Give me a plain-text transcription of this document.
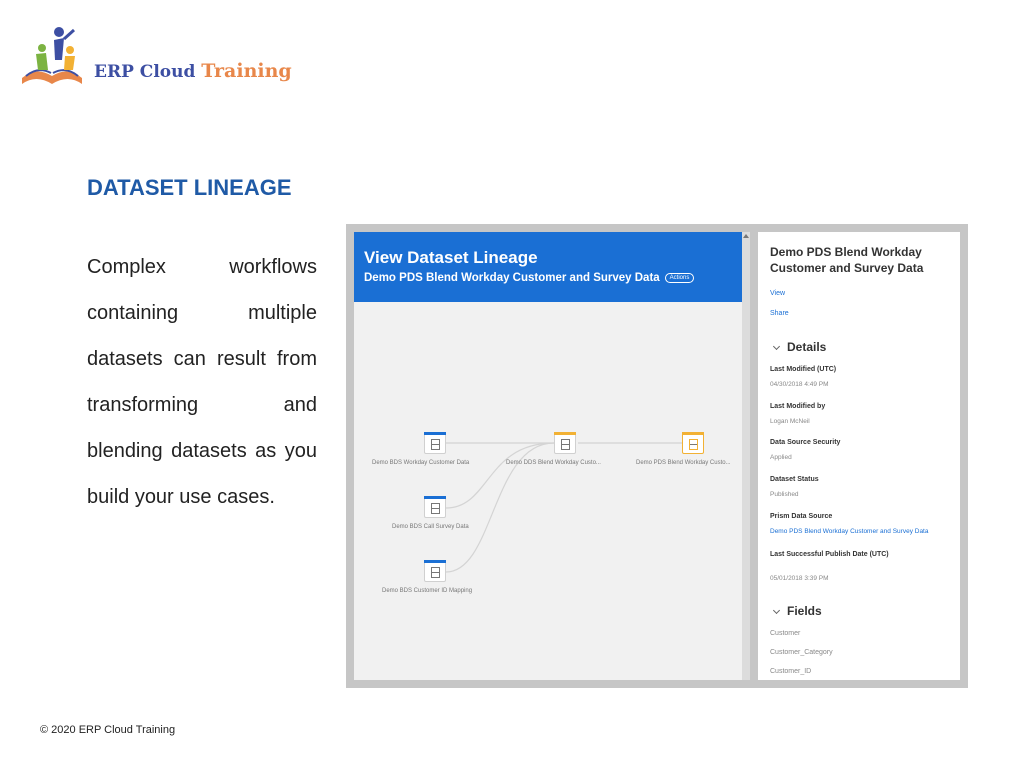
ERP Cloud Training
DATASET LINEAGE
Complex workflows containing multiple datasets can result from transforming and blending datasets as you build your use cases.
© 2020 ERP Cloud Training
View Dataset Lineage
Demo PDS Blend Workday Customer and Survey Data Actions
Demo BDS Workday Customer Data
Demo BDS Call Survey Data
Demo BDS Customer ID Mapping
Demo DDS Blend Workday Custo...	Demo PDS Blend Workday Custo...
Demo PDS Blend Workday Customer and Survey Data
View
Share
Details
Last Modified (UTC)
04/30/2018 4:49 PM
Last Modified by
Logan McNeil
Data Source Security
Applied
Dataset Status
Published
Prism Data Source
Demo PDS Blend Workday Customer and Survey Data
Last Successful Publish Date (UTC)
05/01/2018 3:39 PM
Fields
Customer
Customer_Category
Customer_ID
